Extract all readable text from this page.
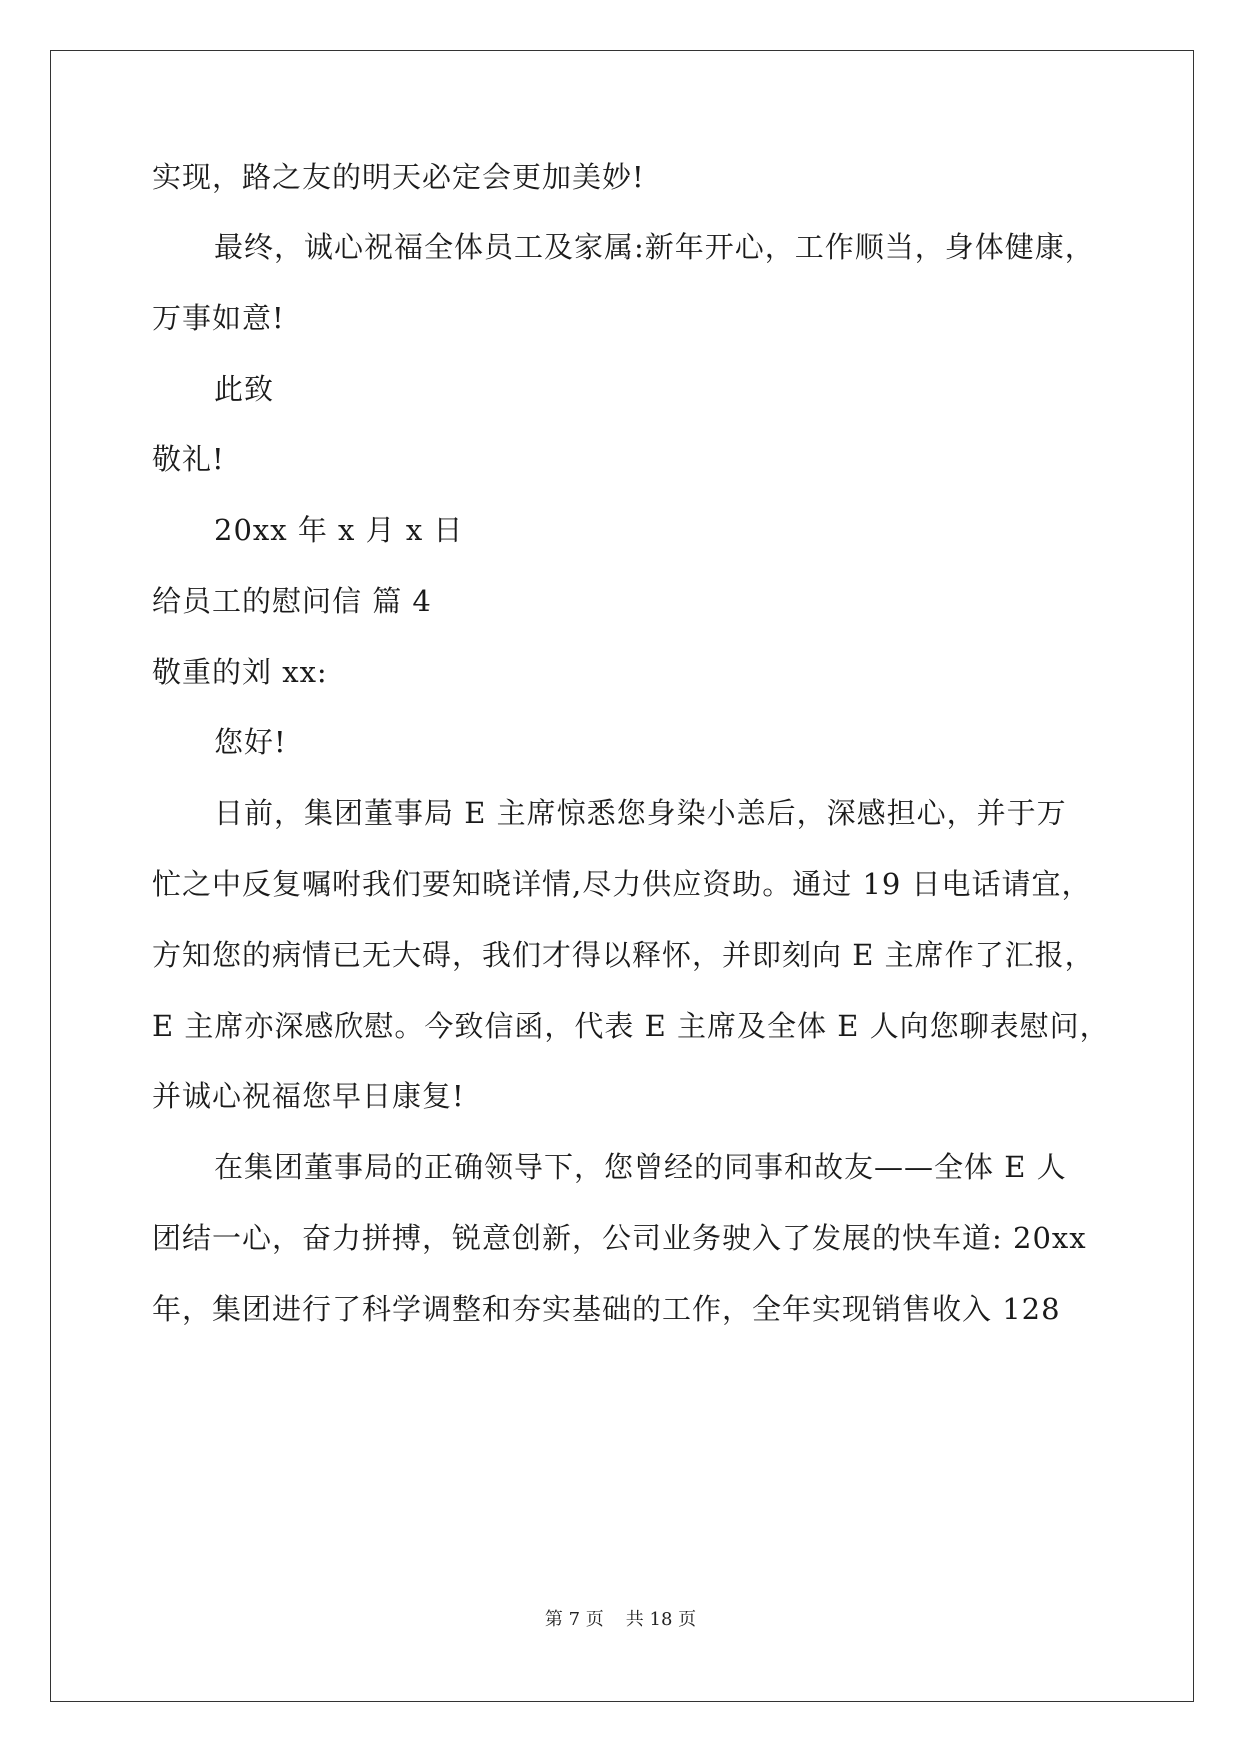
实现，路之友的明天必定会更加美妙!
最终，诚心祝福全体员工及家属:新年开心，工作顺当，身体健康，
万事如意!
此致
敬礼!
20xx 年 x 月 x 日
给员工的慰问信 篇 4
敬重的刘 xx:
您好!
日前，集团董事局 E 主席惊悉您身染小恙后，深感担心，并于万
忙之中反复嘱咐我们要知晓详情,尽力供应资助。通过 19 日电话请宜，
方知您的病情已无大碍，我们才得以释怀，并即刻向 E 主席作了汇报，
E 主席亦深感欣慰。今致信函，代表 E 主席及全体 E 人向您聊表慰问，
并诚心祝福您早日康复!
在集团董事局的正确领导下，您曾经的同事和故友——全体 E 人
团结一心，奋力拼搏，锐意创新，公司业务驶入了发展的快车道: 20xx
年，集团进行了科学调整和夯实基础的工作，全年实现销售收入 128
第 7 页 共 18 页
